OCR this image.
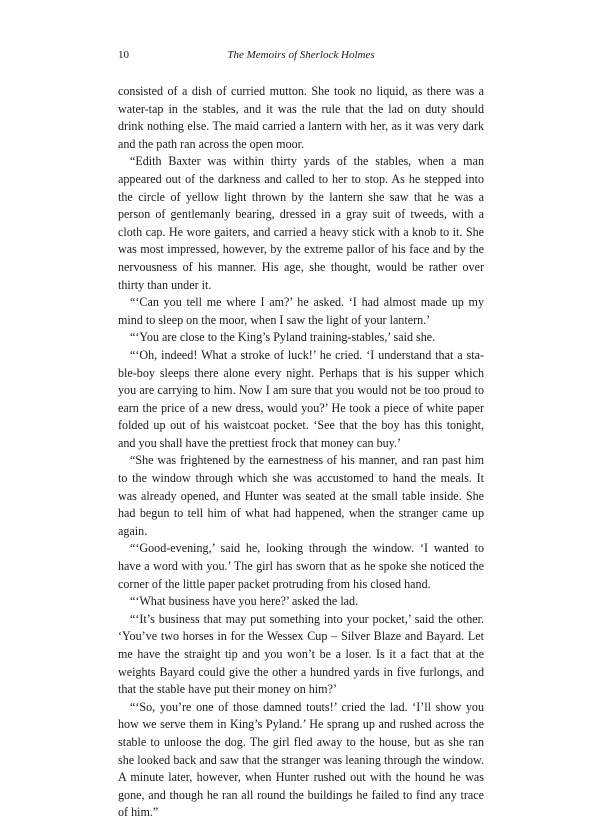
10	The Memoirs of Sherlock Holmes

consisted of a dish of curried mutton. She took no liquid, as there was a water-tap in the stables, and it was the rule that the lad on duty should drink nothing else. The maid carried a lantern with her, as it was very dark and the path ran across the open moor.

“Edith Baxter was within thirty yards of the stables, when a man appeared out of the darkness and called to her to stop. As he stepped into the circle of yellow light thrown by the lantern she saw that he was a person of gentlemanly bearing, dressed in a gray suit of tweeds, with a cloth cap. He wore gaiters, and carried a heavy stick with a knob to it. She was most impressed, however, by the extreme pallor of his face and by the nervousness of his manner. His age, she thought, would be rather over thirty than under it.

“‘Can you tell me where I am?’ he asked. ‘I had almost made up my mind to sleep on the moor, when I saw the light of your lantern.’

“‘You are close to the King’s Pyland training-stables,’ said she.

“‘Oh, indeed! What a stroke of luck!’ he cried. ‘I understand that a stable-boy sleeps there alone every night. Perhaps that is his supper which you are carrying to him. Now I am sure that you would not be too proud to earn the price of a new dress, would you?’ He took a piece of white paper folded up out of his waistcoat pocket. ‘See that the boy has this tonight, and you shall have the prettiest frock that money can buy.’

“She was frightened by the earnestness of his manner, and ran past him to the window through which she was accustomed to hand the meals. It was already opened, and Hunter was seated at the small table inside. She had begun to tell him of what had happened, when the stranger came up again.

“‘Good-evening,’ said he, looking through the window. ‘I wanted to have a word with you.’ The girl has sworn that as he spoke she noticed the corner of the little paper packet protruding from his closed hand.

“‘What business have you here?’ asked the lad.

“‘It’s business that may put something into your pocket,’ said the other. ‘You’ve two horses in for the Wessex Cup – Silver Blaze and Bayard. Let me have the straight tip and you won’t be a loser. Is it a fact that at the weights Bayard could give the other a hundred yards in five furlongs, and that the stable have put their money on him?’

“‘So, you’re one of those damned touts!’ cried the lad. ‘I’ll show you how we serve them in King’s Pyland.’ He sprang up and rushed across the stable to unloose the dog. The girl fled away to the house, but as she ran she looked back and saw that the stranger was leaning through the window. A minute later, however, when Hunter rushed out with the hound he was gone, and though he ran all round the buildings he failed to find any trace of him.”
